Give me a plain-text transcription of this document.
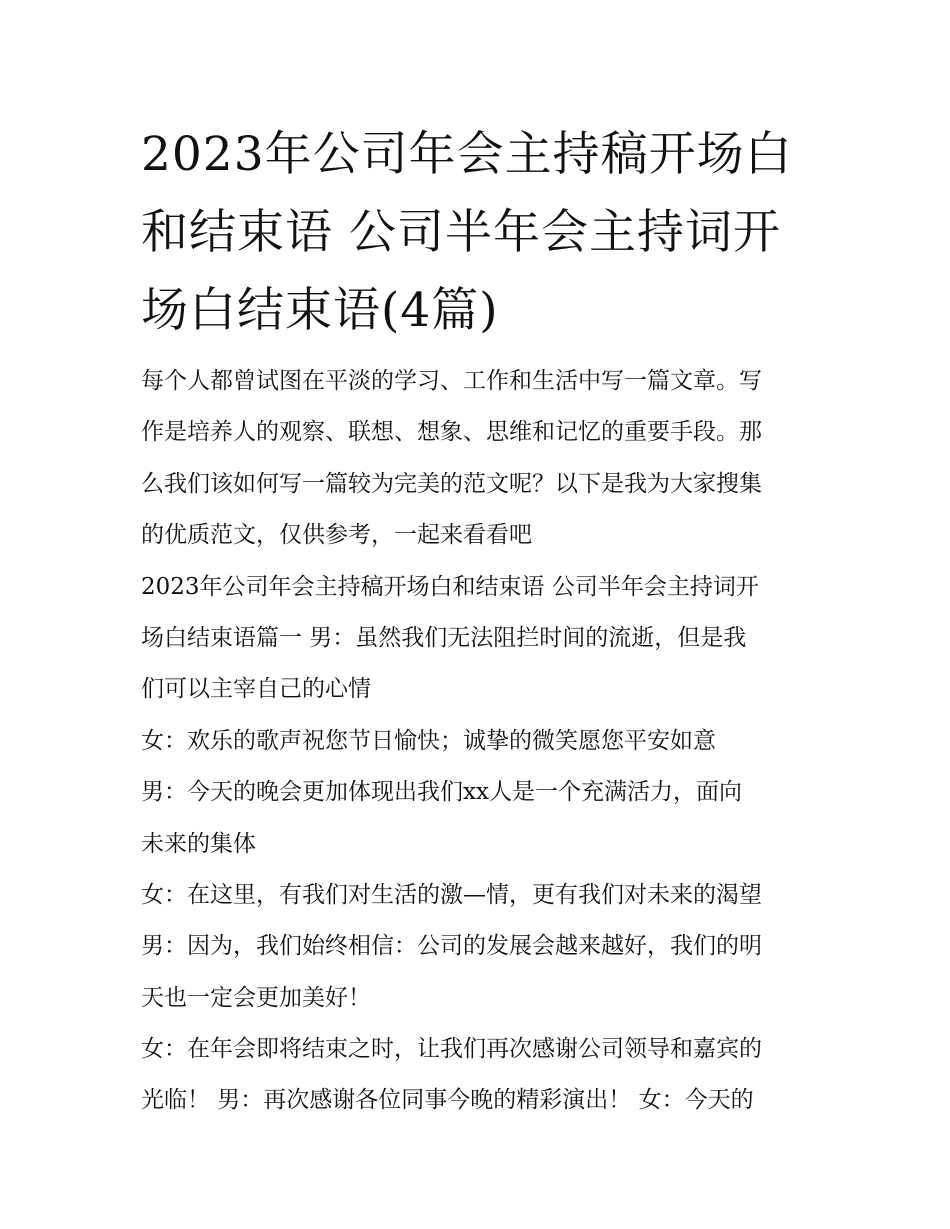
2023年公司年会主持稿开场白
和结束语 公司半年会主持词开
场白结束语(4篇)
每个人都曾试图在平淡的学习、工作和生活中写一篇文章。写
作是培养人的观察、联想、想象、思维和记忆的重要手段。那
么我们该如何写一篇较为完美的范文呢？以下是我为大家搜集
的优质范文，仅供参考，一起来看看吧
2023年公司年会主持稿开场白和结束语 公司半年会主持词开
场白结束语篇一 男：虽然我们无法阻拦时间的流逝，但是我
们可以主宰自己的心情
女：欢乐的歌声祝您节日愉快；诚挚的微笑愿您平安如意
男：今天的晚会更加体现出我们xx人是一个充满活力，面向
未来的集体
女：在这里，有我们对生活的激—情，更有我们对未来的渴望
男：因为，我们始终相信：公司的发展会越来越好，我们的明
天也一定会更加美好！
女：在年会即将结束之时，让我们再次感谢公司领导和嘉宾的
光临！ 男：再次感谢各位同事今晚的精彩演出！ 女：今天的
